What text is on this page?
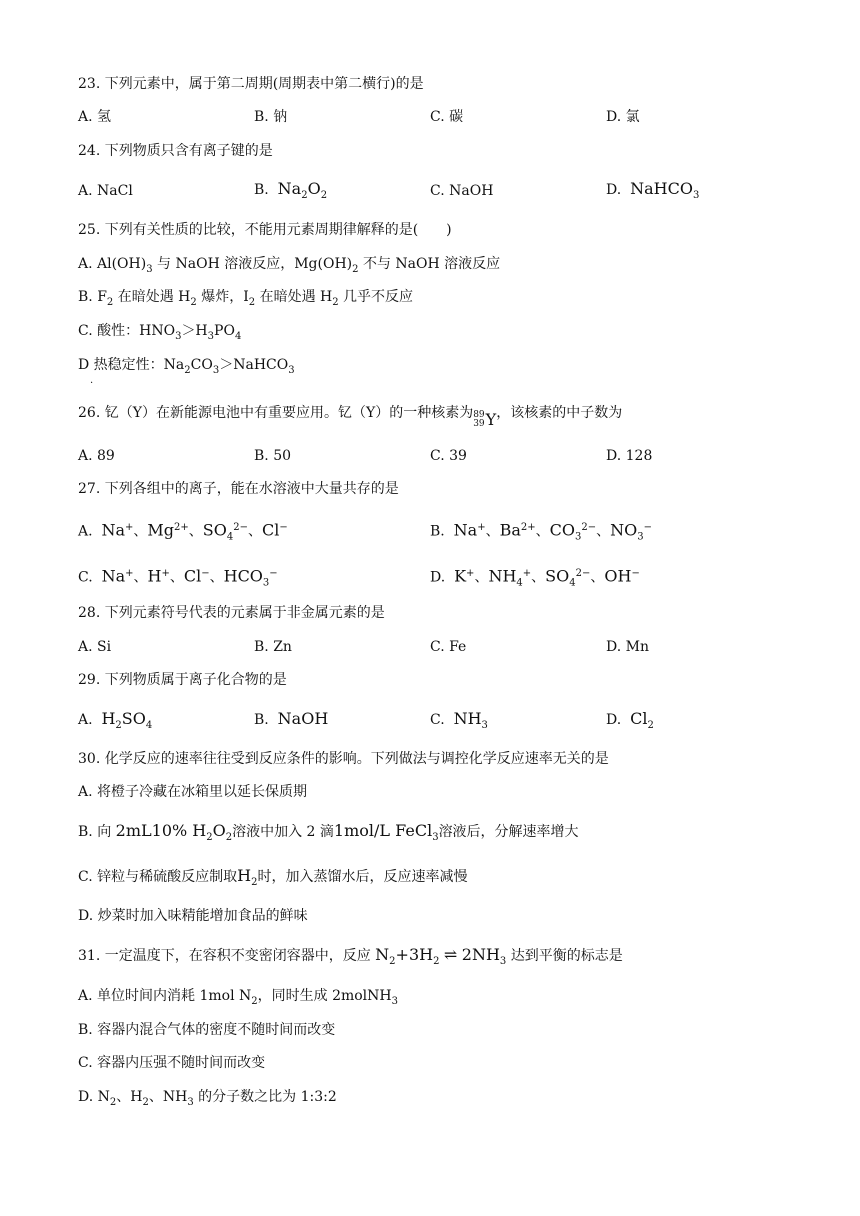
23. 下列元素中，属于第二周期(周期表中第二横行)的是
A. 氢	B. 钠	C. 碳	D. 氯
24. 下列物质只含有离子键的是
A. NaCl	B. $Na_2O_2$	C. NaOH	D. NaHCO$_3$
25. 下列有关性质的比较，不能用元素周期律解释的是(　　)
A. $Al(OH)_3$ 与 NaOH 溶液反应，$Mg(OH)_2$ 不与 NaOH 溶液反应
B. $F_2$ 在暗处遇 $H_2$ 爆炸，$I_2$ 在暗处遇 $H_2$ 几乎不反应
C. 酸性：$HNO_3>H_3PO_4$
D 热稳定性：$Na_2CO_3>NaHCO_3$
.
26. 钇（Y）在新能源电池中有重要应用。钇（Y）的一种核素为 89
39 Y ，该核素的中子数为
A. 89	B. 50	C. 39	D. 128
27. 下列各组中的离子，能在水溶液中大量共存的是
A. Na+、$Mg^{2+}$、$SO_4^{2-}$、Cl−	B. Na+、$Ba^{2+}$、$CO_3^{2-}$、$NO_3^-$
C. Na+、H+、Cl−、$HCO_3^-$	D. K+、$NH_4^+$、$SO_4^{2-}$、OH−
28. 下列元素符号代表的元素属于非金属元素的是
A. Si	B. Zn	C. Fe	D. Mn
29. 下列物质属于离子化合物的是
A. $H_2SO_4$	B. NaOH	C. $NH_3$	D. $Cl_2$
30. 化学反应的速率往往受到反应条件的影响。下列做法与调控化学反应速率无关的是
A. 将橙子冷藏在冰箱里以延长保质期
B. 向 2mL10% $H_2O_2$溶液中加入 2 滴1mol/L FeCl$_3$溶液后，分解速率增大
C. 锌粒与稀硫酸反应制取$H_2$时，加入蒸馏水后，反应速率减慢
D. 炒菜时加入味精能增加食品的鲜味
31. 一定温度下，在容积不变密闭容器中，反应 $N_2+3H_2$ ⇌ $2NH_3$ 达到平衡的标志是
A. 单位时间内消耗 1mol $N_2$，同时生成 2molNH$_3$
B. 容器内混合气体的密度不随时间而改变
C. 容器内压强不随时间而改变
D. $N_2$、$H_2$、$NH_3$ 的分子数之比为 1:3:2
